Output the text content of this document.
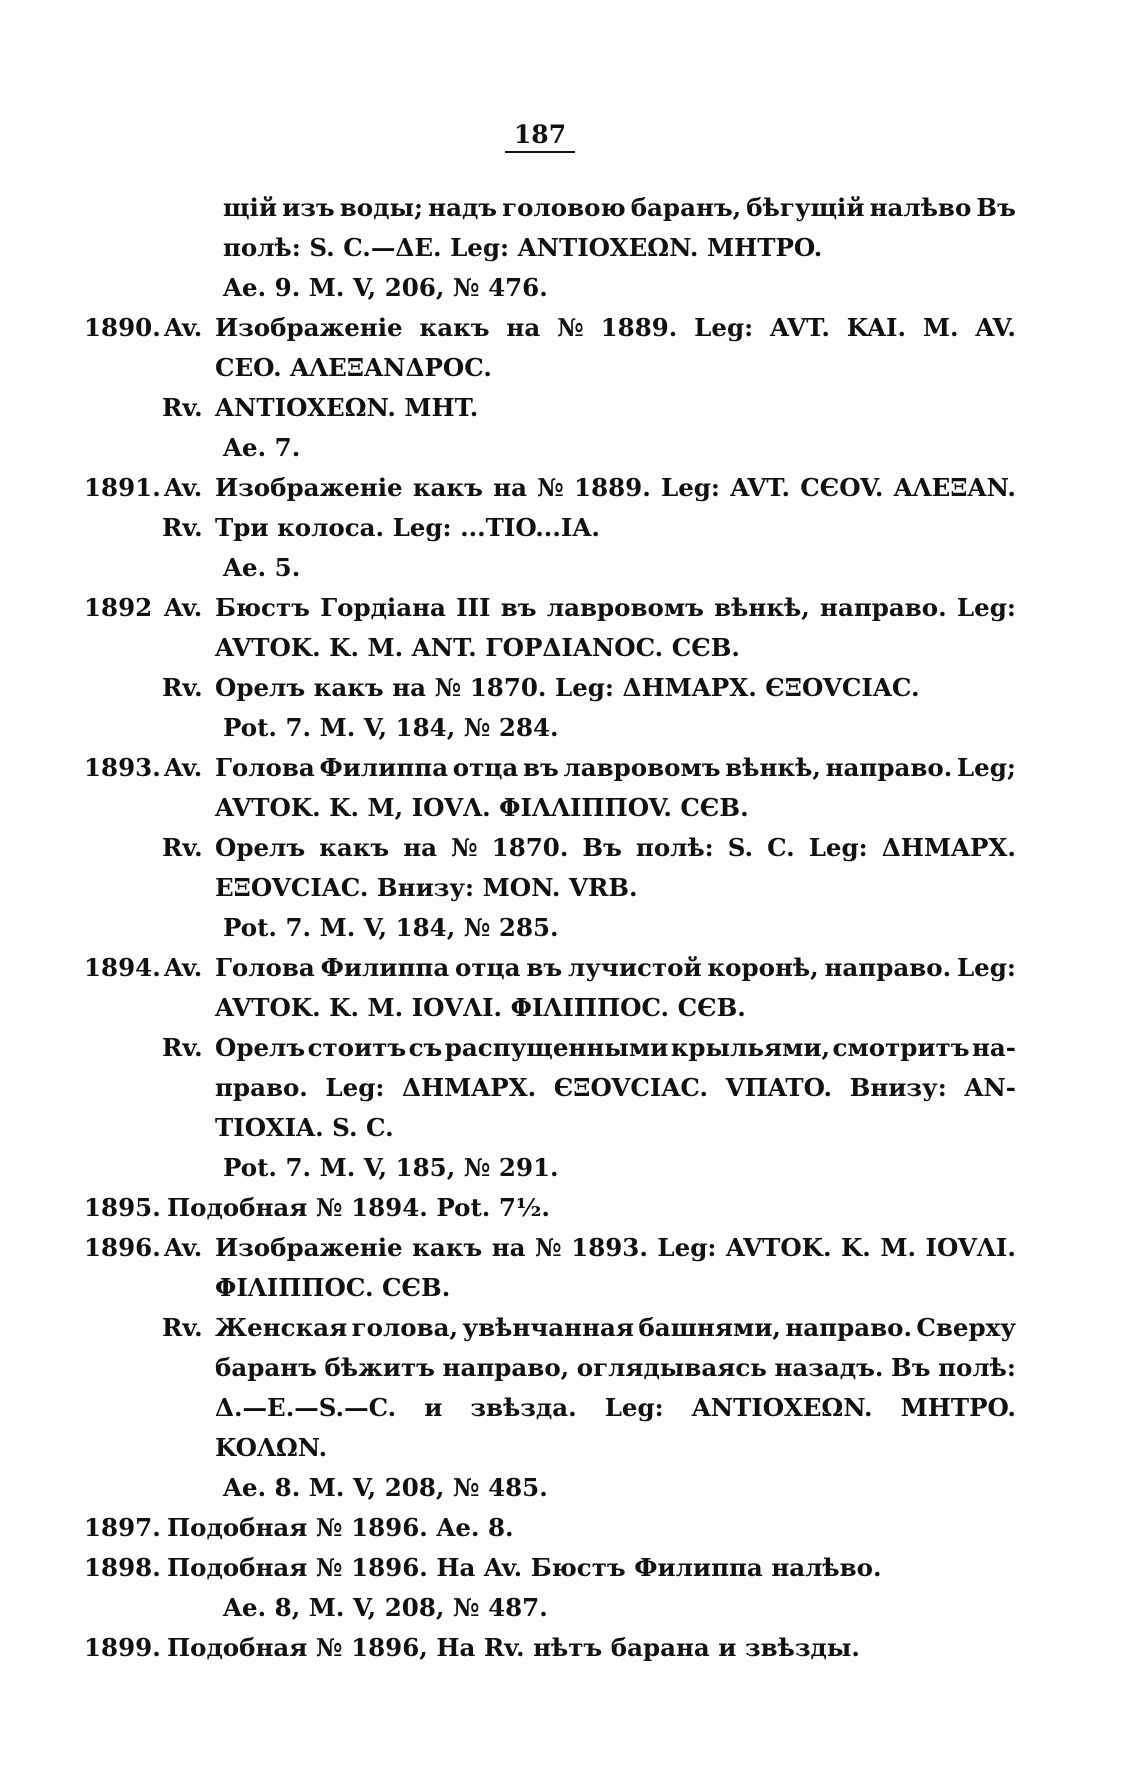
187
щій изъ воды; надъ головою баранъ, бѣгущій налѣво Въ
полѣ: S. C.—ΔE. Leg: ANTIOXEΩN. MHTPO.
Ae. 9. M. V, 206, № 476.
1890. Av. Изображеніе какъ на № 1889. Leg: AVT. KAI. M. AV.
CEO. AΛEΞANΔPOC.
Rv. ANTIOXEΩN. MHT.
Ae. 7.
1891. Av. Изображеніе какъ на № 1889. Leg: AVT. CЄOV. AΛEΞAN.
Rv. Три колоса. Leg: ...TIO...IA.
Ae. 5.
1892 Av. Бюстъ Гордіана III въ лавровомъ вѣнкѣ, направо. Leg:
AVTOK. K. M. ANT. ΓOPΔIANOC. CЄB.
Rv. Орелъ какъ на № 1870. Leg: ΔHMAPX. ЄΞOVCIAC.
Pot. 7. M. V, 184, № 284.
1893. Av. Голова Филиппа отца въ лавровомъ вѣнкѣ, направо. Leg;
AVTOK. K. M, IOVΛ. ΦIΛΛIΠΠOV. CЄB.
Rv. Орелъ какъ на № 1870. Въ полѣ: S. C. Leg: ΔHMAPX.
EΞOVCIAC. Внизу: MON. VRB.
Pot. 7. M. V, 184, № 285.
1894. Av. Голова Филиппа отца въ лучистой коронѣ, направо. Leg:
AVTOK. K. M. IOVΛI. ΦIΛIΠΠOC. CЄB.
Rv. Орелъ стоитъ съ распущенными крыльями, смотритъ на-
право. Leg: ΔHMAPX. ЄΞOVCIAC. VΠATO. Внизу: AN-
TIOXIA. S. C.
Pot. 7. M. V, 185, № 291.
1895. Подобная № 1894. Pot. 7½.
1896. Av. Изображеніе какъ на № 1893. Leg: AVTOK. K. M. IOVΛI.
ΦIΛIΠΠOC. CЄB.
Rv. Женская голова, увѣнчанная башнями, направо. Сверху
баранъ бѣжитъ направо, оглядываясь назадъ. Въ полѣ:
Δ.—E.—S.—C. и звѣзда. Leg: ANTIOXEΩN. MHTPO.
KOΛΩN.
Ae. 8. M. V, 208, № 485.
1897. Подобная № 1896. Ae. 8.
1898. Подобная № 1896. На Av. Бюстъ Филиппа налѣво.
Ae. 8, M. V, 208, № 487.
1899. Подобная № 1896, На Rv. нѣтъ барана и звѣзды.
